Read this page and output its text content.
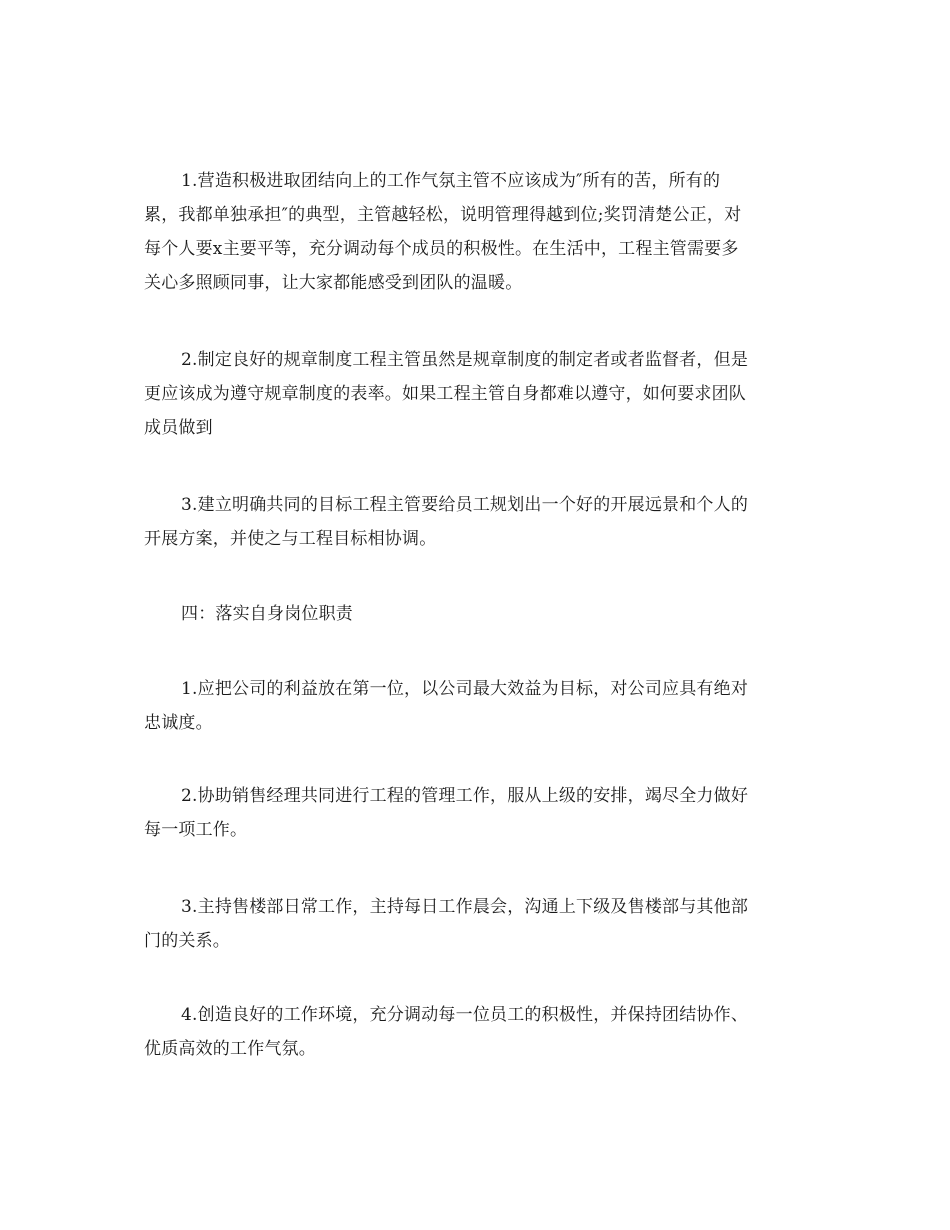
1.营造积极进取团结向上的工作气氛主管不应该成为″所有的苦，所有的
累，我都单独承担″的典型，主管越轻松，说明管理得越到位;奖罚清楚公正，对
每个人要x主要平等，充分调动每个成员的积极性。在生活中，工程主管需要多
关心多照顾同事，让大家都能感受到团队的温暖。
2.制定良好的规章制度工程主管虽然是规章制度的制定者或者监督者，但是
更应该成为遵守规章制度的表率。如果工程主管自身都难以遵守，如何要求团队
成员做到
3.建立明确共同的目标工程主管要给员工规划出一个好的开展远景和个人的
开展方案，并使之与工程目标相协调。
四：落实自身岗位职责
1.应把公司的利益放在第一位，以公司最大效益为目标，对公司应具有绝对
忠诚度。
2.协助销售经理共同进行工程的管理工作，服从上级的安排，竭尽全力做好
每一项工作。
3.主持售楼部日常工作，主持每日工作晨会，沟通上下级及售楼部与其他部
门的关系。
4.创造良好的工作环境，充分调动每一位员工的积极性，并保持团结协作、
优质高效的工作气氛。
